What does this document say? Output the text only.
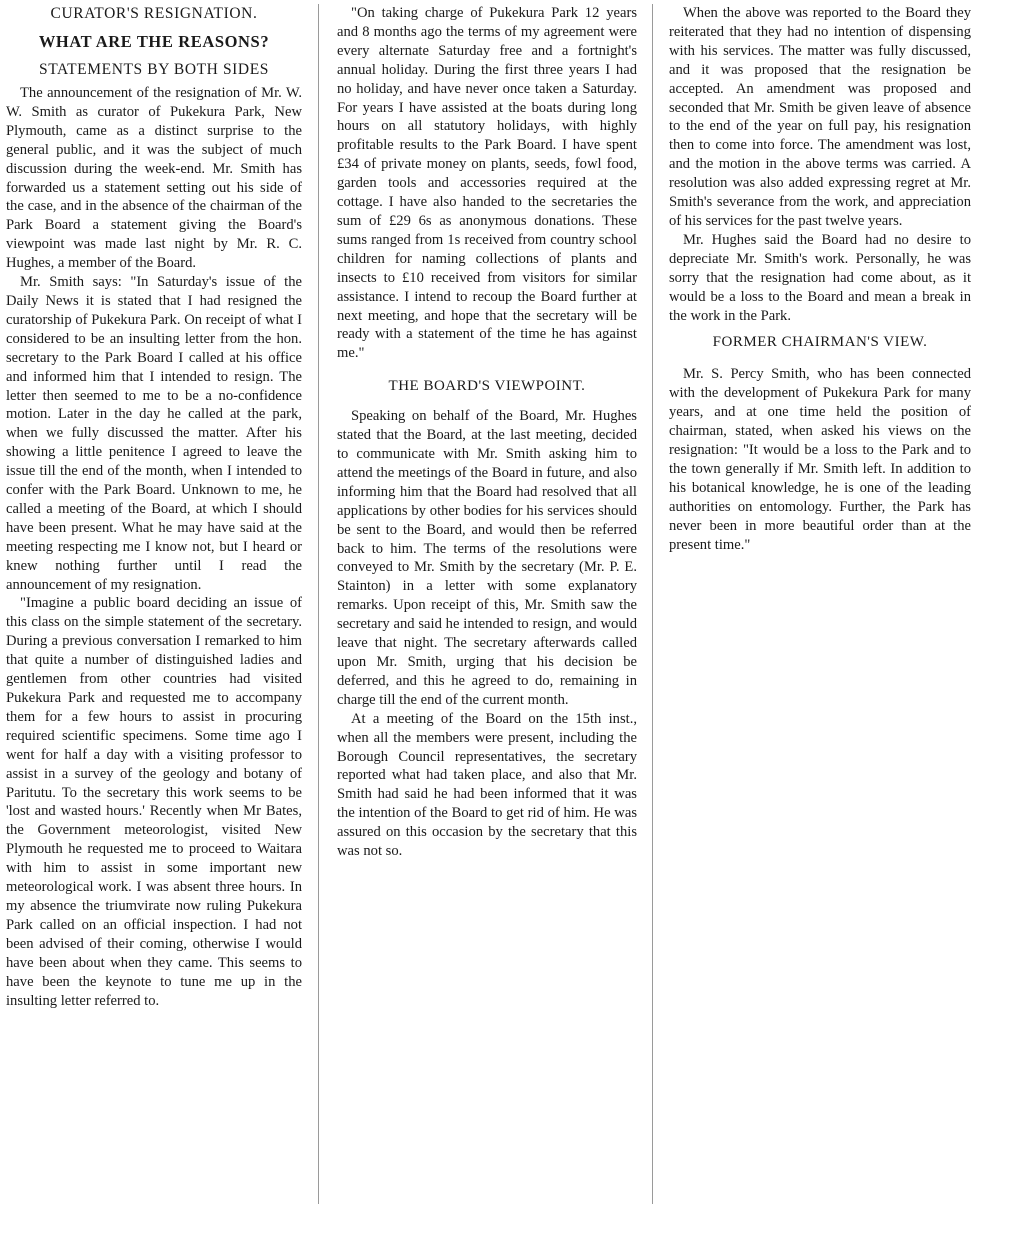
CURATOR'S RESIGNATION.

WHAT ARE THE REASONS?

STATEMENTS BY BOTH SIDES

The announcement of the resignation of Mr. W. W. Smith as curator of Pukekura Park, New Plymouth, came as a distinct surprise to the general public, and it was the subject of much discussion during the week-end. Mr. Smith has forwarded us a statement setting out his side of the case, and in the absence of the chairman of the Park Board a statement giving the Board's viewpoint was made last night by Mr. R. C. Hughes, a member of the Board.

Mr. Smith says: "In Saturday's issue of the Daily News it is stated that I had resigned the curatorship of Pukekura Park. On receipt of what I considered to be an insulting letter from the hon. secretary to the Park Board I called at his office and informed him that I intended to resign. The letter then seemed to me to be a no-confidence motion. Later in the day he called at the park, when we fully discussed the matter. After his showing a little penitence I agreed to leave the issue till the end of the month, when I intended to confer with the Park Board. Unknown to me, he called a meeting of the Board, at which I should have been present. What he may have said at the meeting respecting me I know not, but I heard or knew nothing further until I read the announcement of my resignation.

"Imagine a public board deciding an issue of this class on the simple statement of the secretary. During a previous conversation I remarked to him that quite a number of distinguished ladies and gentlemen from other countries had visited Pukekura Park and requested me to accompany them for a few hours to assist in procuring required scientific specimens. Some time ago I went for half a day with a visiting professor to assist in a survey of the geology and botany of Paritutu. To the secretary this work seems to be 'lost and wasted hours.' Recently when Mr Bates, the Government meteorologist, visited New Plymouth he requested me to proceed to Waitara with him to assist in some important new meteorological work. I was absent three hours. In my absence the triumvirate now ruling Pukekura Park called on an official inspection. I had not been advised of their coming, otherwise I would have been about when they came. This seems to have been the keynote to tune me up in the insulting letter referred to.

"On taking charge of Pukekura Park 12 years and 8 months ago the terms of my agreement were every alternate Saturday free and a fortnight's annual holiday. During the first three years I had no holiday, and have never once taken a Saturday. For years I have assisted at the boats during long hours on all statutory holidays, with highly profitable results to the Park Board. I have spent £34 of private money on plants, seeds, fowl food, garden tools and accessories required at the cottage. I have also handed to the secretaries the sum of £29 6s as anonymous donations. These sums ranged from 1s received from country school children for naming collections of plants and insects to £10 received from visitors for similar assistance. I intend to recoup the Board further at next meeting, and hope that the secretary will be ready with a statement of the time he has against me."

THE BOARD'S VIEWPOINT.

Speaking on behalf of the Board, Mr. Hughes stated that the Board, at the last meeting, decided to communicate with Mr. Smith asking him to attend the meetings of the Board in future, and also informing him that the Board had resolved that all applications by other bodies for his services should be sent to the Board, and would then be referred back to him. The terms of the resolutions were conveyed to Mr. Smith by the secretary (Mr. P. E. Stainton) in a letter with some explanatory remarks. Upon receipt of this, Mr. Smith saw the secretary and said he intended to resign, and would leave that night. The secretary afterwards called upon Mr. Smith, urging that his decision be deferred, and this he agreed to do, remaining in charge till the end of the current month.

At a meeting of the Board on the 15th inst., when all the members were present, including the Borough Council representatives, the secretary reported what had taken place, and also that Mr. Smith had said he had been informed that it was the intention of the Board to get rid of him. He was assured on this occasion by the secretary that this was not so.

When the above was reported to the Board they reiterated that they had no intention of dispensing with his services. The matter was fully discussed, and it was proposed that the resignation be accepted. An amendment was proposed and seconded that Mr. Smith be given leave of absence to the end of the year on full pay, his resignation then to come into force. The amendment was lost, and the motion in the above terms was carried. A resolution was also added expressing regret at Mr. Smith's severance from the work, and appreciation of his services for the past twelve years.

Mr. Hughes said the Board had no desire to depreciate Mr. Smith's work. Personally, he was sorry that the resignation had come about, as it would be a loss to the Board and mean a break in the work in the Park.

FORMER CHAIRMAN'S VIEW.

Mr. S. Percy Smith, who has been connected with the development of Pukekura Park for many years, and at one time held the position of chairman, stated, when asked his views on the resignation: "It would be a loss to the Park and to the town generally if Mr. Smith left. In addition to his botanical knowledge, he is one of the leading authorities on entomology. Further, the Park has never been in more beautiful order than at the present time."
